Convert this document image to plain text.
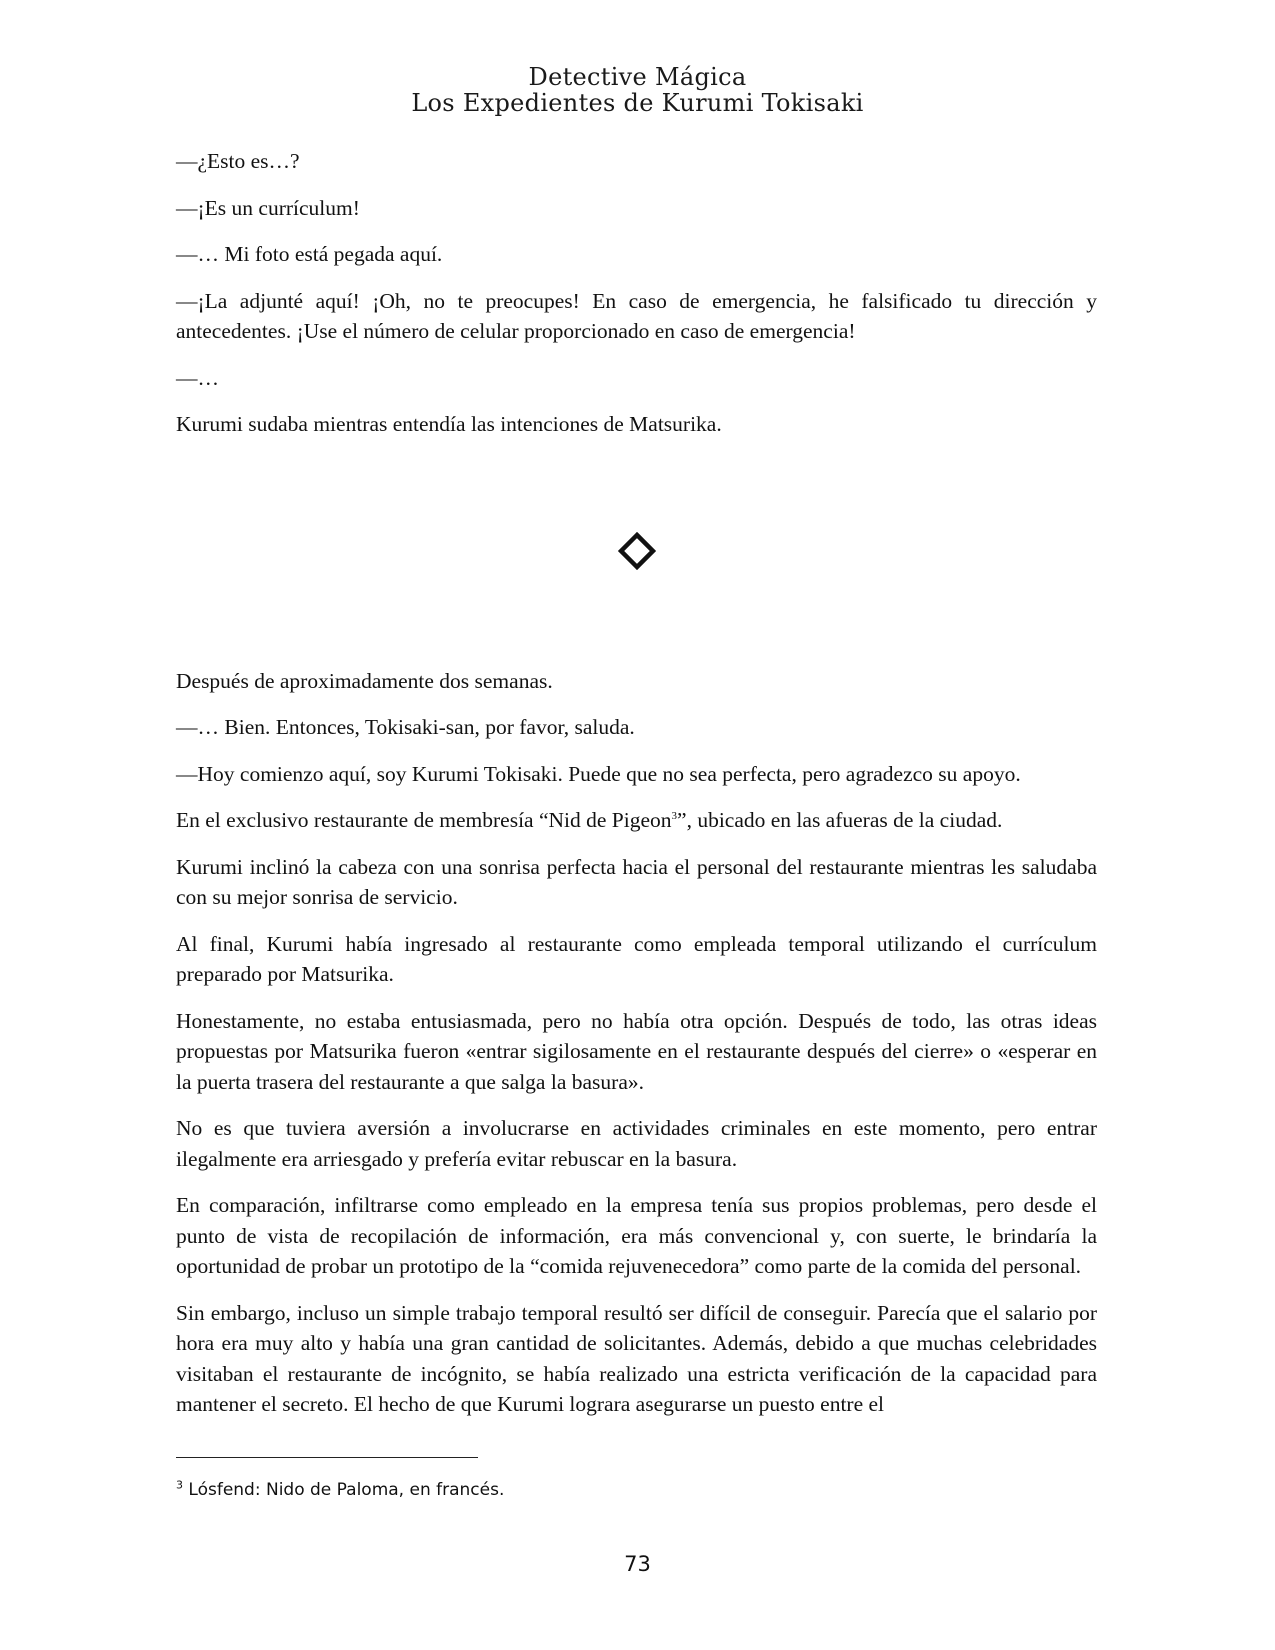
Detective Mágica
Los Expedientes de Kurumi Tokisaki

—¿Esto es…?

—¡Es un currículum!

—… Mi foto está pegada aquí.

—¡La adjunté aquí! ¡Oh, no te preocupes! En caso de emergencia, he falsificado tu dirección y antecedentes. ¡Use el número de celular proporcionado en caso de emergencia!

—…

Kurumi sudaba mientras entendía las intenciones de Matsurika.

Después de aproximadamente dos semanas.

—… Bien. Entonces, Tokisaki-san, por favor, saluda.

—Hoy comienzo aquí, soy Kurumi Tokisaki. Puede que no sea perfecta, pero agradezco su apoyo.

En el exclusivo restaurante de membresía “Nid de Pigeon$^3$”, ubicado en las afueras de la ciudad.

Kurumi inclinó la cabeza con una sonrisa perfecta hacia el personal del restaurante mientras les saludaba con su mejor sonrisa de servicio.

Al final, Kurumi había ingresado al restaurante como empleada temporal utilizando el currículum preparado por Matsurika.

Honestamente, no estaba entusiasmada, pero no había otra opción. Después de todo, las otras ideas propuestas por Matsurika fueron «entrar sigilosamente en el restaurante después del cierre» o «esperar en la puerta trasera del restaurante a que salga la basura».

No es que tuviera aversión a involucrarse en actividades criminales en este momento, pero entrar ilegalmente era arriesgado y prefería evitar rebuscar en la basura.

En comparación, infiltrarse como empleado en la empresa tenía sus propios problemas, pero desde el punto de vista de recopilación de información, era más convencional y, con suerte, le brindaría la oportunidad de probar un prototipo de la “comida rejuvenecedora” como parte de la comida del personal.

Sin embargo, incluso un simple trabajo temporal resultó ser difícil de conseguir. Parecía que el salario por hora era muy alto y había una gran cantidad de solicitantes. Además, debido a que muchas celebridades visitaban el restaurante de incógnito, se había realizado una estricta verificación de la capacidad para mantener el secreto. El hecho de que Kurumi lograra asegurarse un puesto entre el

$^3$ Lósfend: Nido de Paloma, en francés.
73
